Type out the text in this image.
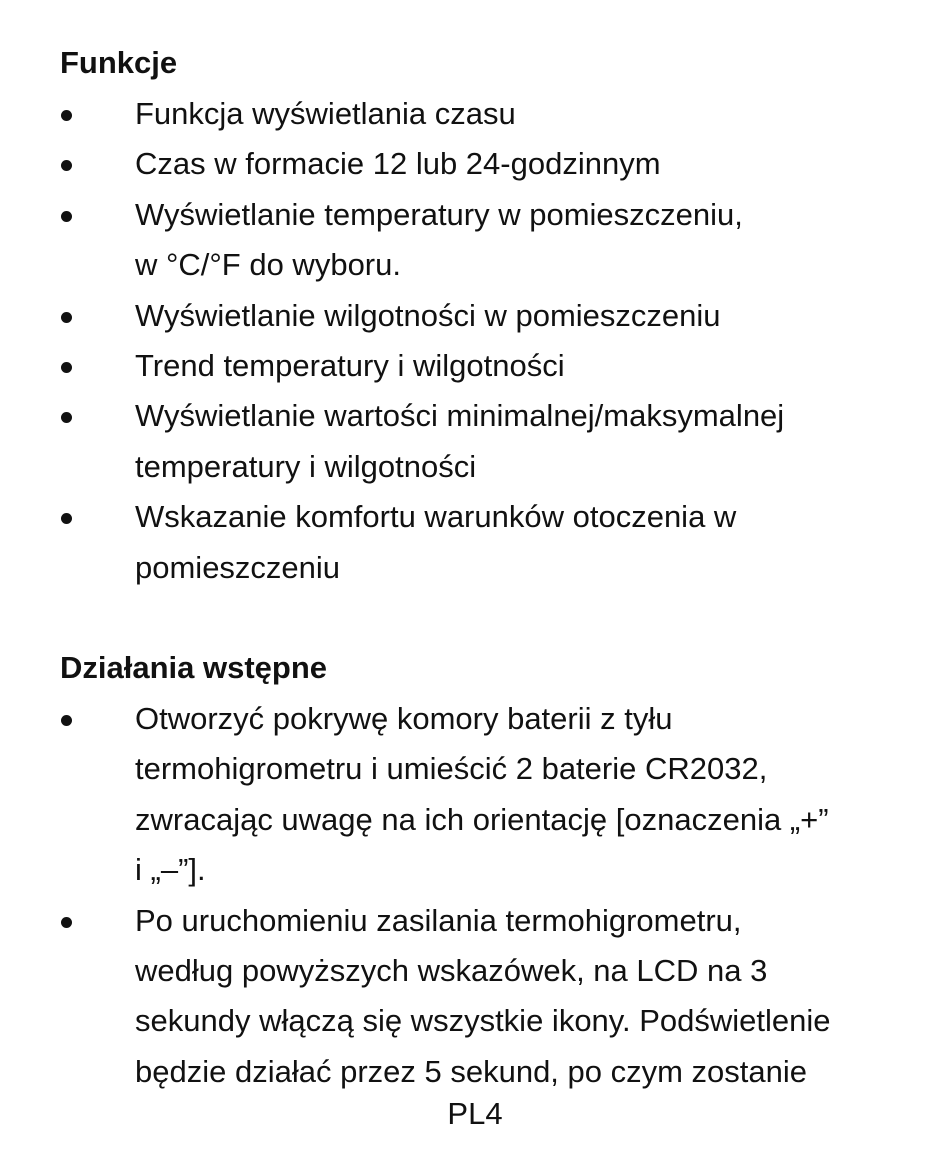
Funkcje
Funkcja wyświetlania czasu
Czas w formacie 12 lub 24-godzinnym
Wyświetlanie temperatury w pomieszczeniu,
w °C/°F do wyboru.
Wyświetlanie wilgotności w pomieszczeniu
Trend temperatury i wilgotności
Wyświetlanie wartości minimalnej/maksymalnej
temperatury i wilgotności
Wskazanie komfortu warunków otoczenia w
pomieszczeniu
Działania wstępne
Otworzyć pokrywę komory baterii z tyłu
termohigrometru i umieścić 2 baterie CR2032,
zwracając uwagę na ich orientację [oznaczenia „+”
i „–”].
Po uruchomieniu zasilania termohigrometru,
według powyższych wskazówek, na LCD na 3
sekundy włączą się wszystkie ikony. Podświetlenie
będzie działać przez 5 sekund, po czym zostanie
PL4
